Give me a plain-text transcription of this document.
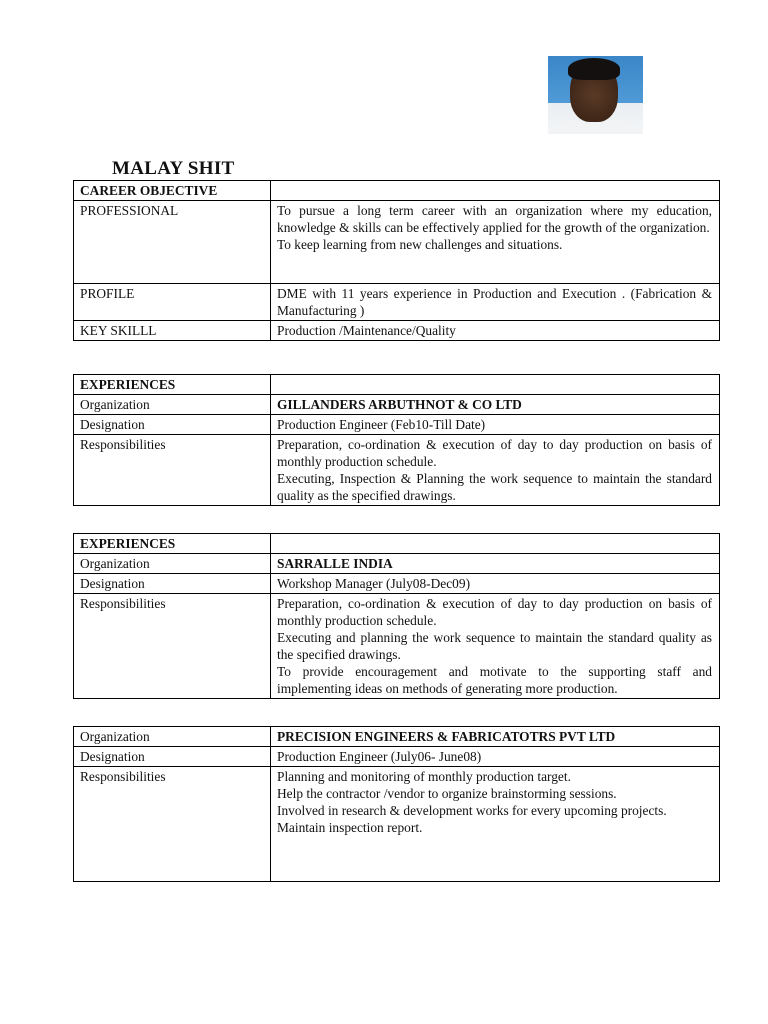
MALAY SHIT
CAREER OBJECTIVE	
PROFESSIONAL	To pursue a long term career with an organization where my education, knowledge & skills can be effectively applied for the growth of the organization.
To keep learning from new challenges and situations.

PROFILE	DME with 11 years experience in Production and Execution . (Fabrication & Manufacturing )

KEY SKILLL	Production /Maintenance/Quality
EXPERIENCES	
Organization	GILLANDERS ARBUTHNOT & CO LTD
Designation	Production Engineer (Feb10-Till Date)
Responsibilities	Preparation, co-ordination & execution of day to day production on basis of monthly production schedule.
Executing, Inspection & Planning the work sequence to maintain the standard quality as the specified drawings.
EXPERIENCES	
Organization	SARRALLE INDIA
Designation	Workshop Manager (July08-Dec09)
Responsibilities	Preparation, co-ordination & execution of day to day production on basis of monthly production schedule.
Executing and planning the work sequence to maintain the standard quality as the specified drawings.
To provide encouragement and motivate to the supporting staff and implementing ideas on methods of generating more production.
Organization	PRECISION ENGINEERS & FABRICATOTRS PVT LTD
Designation	Production Engineer (July06- June08)
Responsibilities	Planning and monitoring of monthly production target.
Help the contractor /vendor to organize brainstorming sessions.
Involved in research & development works for every upcoming projects.
Maintain inspection report.
